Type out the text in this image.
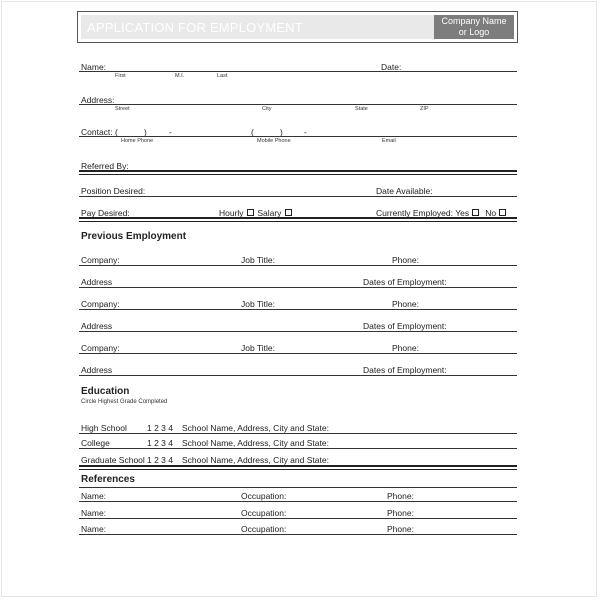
APPLICATION FOR EMPLOYMENT	Company Name
or Logo
Name:	Date:
First	M.I.	Last
Address:
Street	City	State	ZIP
Contact: (	)	-	(	) -
Home Phone	Mobile Phone	Email
Referred By:
Position Desired:	Date Available:
Pay Desired:	Hourly Salary	Currently Employed: Yes No
Previous Employment
Company:	Job Title:	Phone:
Address	Dates of Employment:
Company:	Job Title:	Phone:
Address	Dates of Employment:
Company:	Job Title:	Phone:
Address	Dates of Employment:
Education
Circle Highest Grade Completed
High School 1 2 3 4 School Name, Address, City and State:
College	1 2 3 4 School Name, Address, City and State:
Graduate School 1 2 3 4 School Name, Address, City and State:
References
Name:	Occupation:	Phone:
Name:	Occupation:	Phone:
Name:	Occupation:	Phone:
